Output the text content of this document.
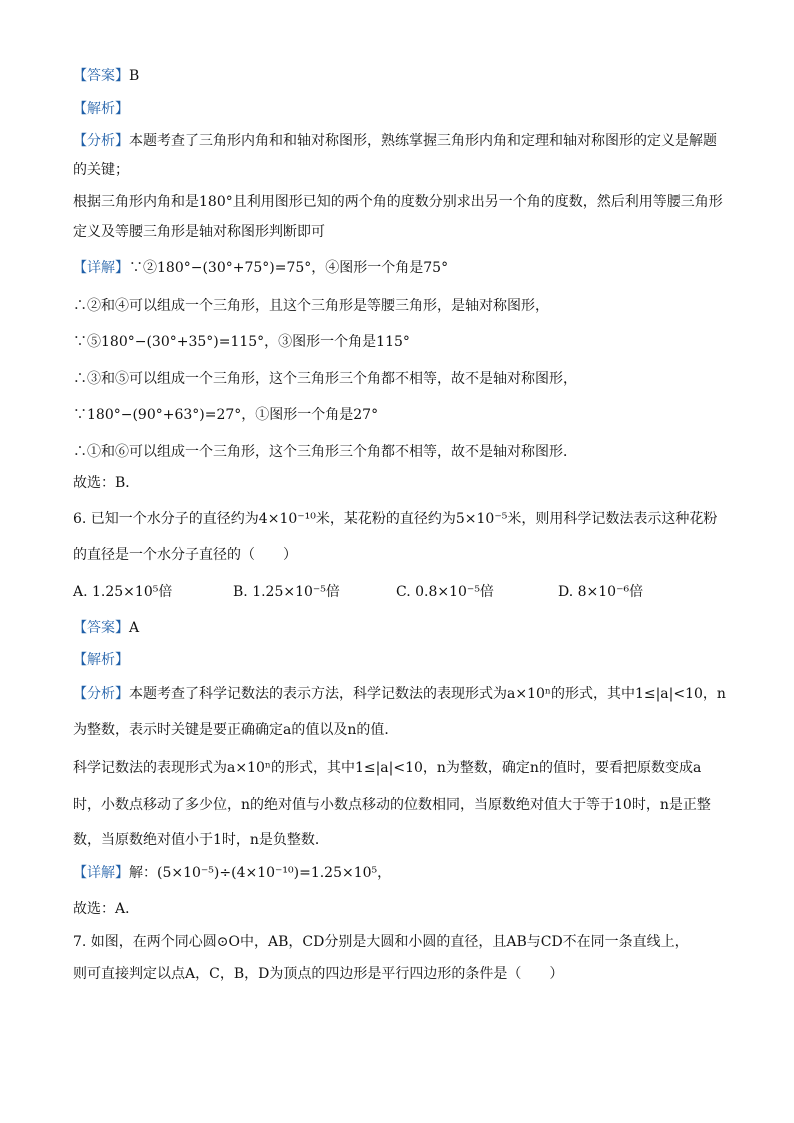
【答案】B
【解析】
【分析】本题考查了三角形内角和和轴对称图形，熟练掌握三角形内角和定理和轴对称图形的定义是解题
的关键；
根据三角形内角和是180°且利用图形已知的两个角的度数分别求出另一个角的度数，然后利用等腰三角形
定义及等腰三角形是轴对称图形判断即可
【详解】∵②180°−(30°+75°)=75°，④图形一个角是75°
∴②和④可以组成一个三角形，且这个三角形是等腰三角形，是轴对称图形，
∵⑤180°−(30°+35°)=115°，③图形一个角是115°
∴③和⑤可以组成一个三角形，这个三角形三个角都不相等，故不是轴对称图形，
∵180°−(90°+63°)=27°，①图形一个角是27°
∴①和⑥可以组成一个三角形，这个三角形三个角都不相等，故不是轴对称图形．
故选：B．
6. 已知一个水分子的直径约为4×10⁻¹⁰米，某花粉的直径约为5×10⁻⁵米，则用科学记数法表示这种花粉
的直径是一个水分子直径的（　　）
A. 1.25×10⁵倍	B. 1.25×10⁻⁵倍	C. 0.8×10⁻⁵倍	D. 8×10⁻⁶倍
【答案】A
【解析】
【分析】本题考查了科学记数法的表示方法，科学记数法的表现形式为a×10ⁿ的形式，其中1≤|a|<10，n
为整数，表示时关键是要正确确定a的值以及n的值．
科学记数法的表现形式为a×10ⁿ的形式，其中1≤|a|<10，n为整数，确定n的值时，要看把原数变成a
时，小数点移动了多少位，n的绝对值与小数点移动的位数相同，当原数绝对值大于等于10时，n是正整
数，当原数绝对值小于1时，n是负整数．
【详解】解：(5×10⁻⁵)÷(4×10⁻¹⁰)=1.25×10⁵，
故选：A．
7. 如图，在两个同心圆⊙O中，AB，CD分别是大圆和小圆的直径，且AB与CD不在同一条直线上，
则可直接判定以点A，C，B，D为顶点的四边形是平行四边形的条件是（　　）
